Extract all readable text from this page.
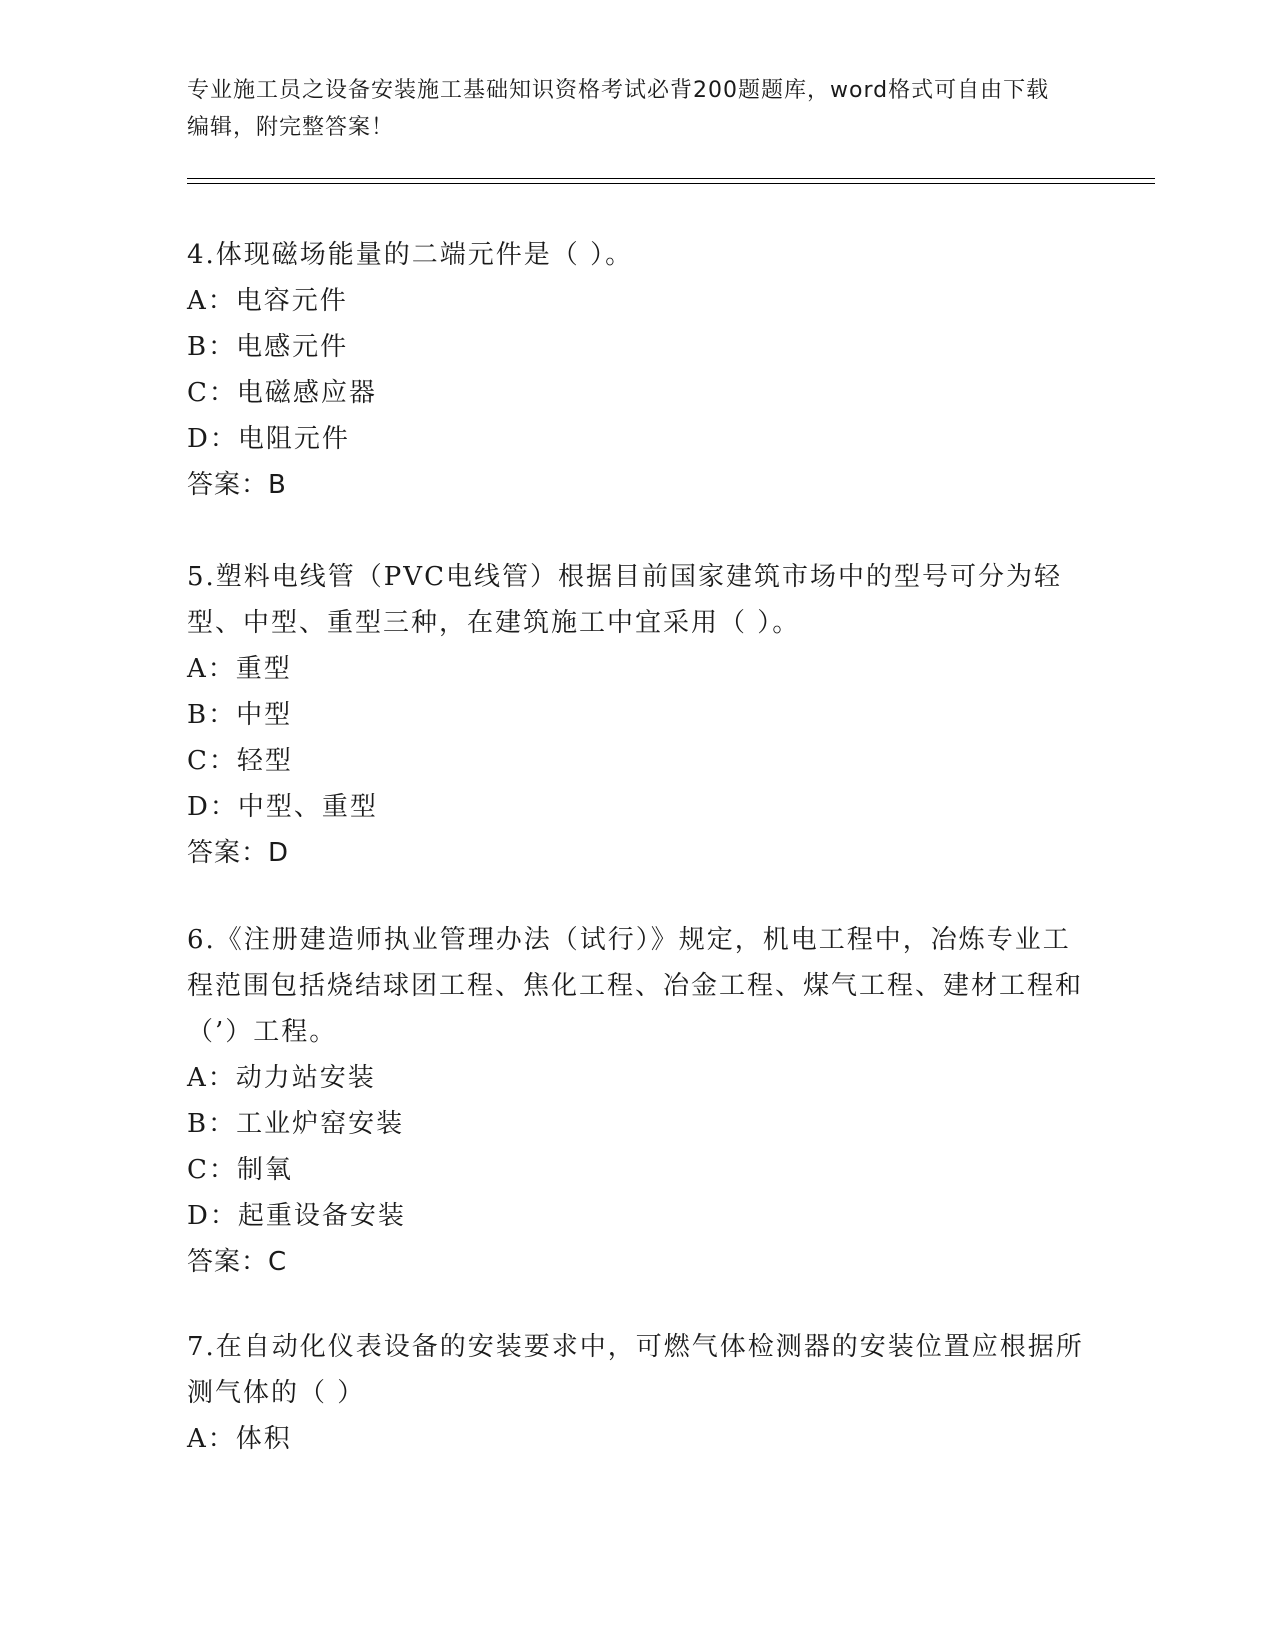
专业施工员之设备安装施工基础知识资格考试必背200题题库，word格式可自由下载编辑，附完整答案！

4.体现磁场能量的二端元件是（ ）。

A：电容元件

B：电感元件

C：电磁感应器

D：电阻元件

答案：B

5.塑料电线管（PVC电线管）根据目前国家建筑市场中的型号可分为轻型、中型、重型三种，在建筑施工中宜采用（ ）。

A：重型

B：中型

C：轻型

D：中型、重型

答案：D

6.《注册建造师执业管理办法（试行）》规定，机电工程中，冶炼专业工程范围包括烧结球团工程、焦化工程、冶金工程、煤气工程、建材工程和（’）工程。

A：动力站安装

B：工业炉窑安装

C：制氧

D：起重设备安装

答案：C

7.在自动化仪表设备的安装要求中，可燃气体检测器的安装位置应根据所测气体的（ ）

A：体积
